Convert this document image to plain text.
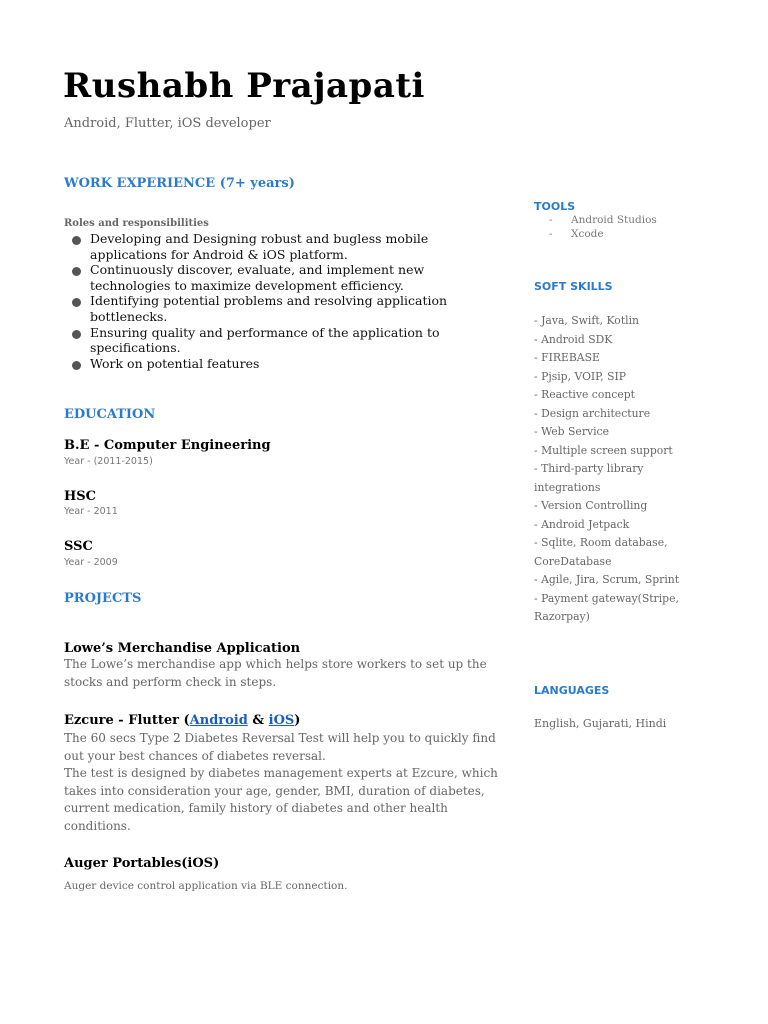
Rushabh Prajapati
Android, Flutter, iOS developer
WORK EXPERIENCE (7+ years)
Roles and responsibilities
Developing and Designing robust and bugless mobile applications for Android & iOS platform.
Continuously discover, evaluate, and implement new technologies to maximize development efficiency.
Identifying potential problems and resolving application bottlenecks.
Ensuring quality and performance of the application to specifications.
Work on potential features
EDUCATION
B.E - Computer Engineering
Year - (2011-2015)
HSC
Year - 2011
SSC
Year - 2009
PROJECTS
Lowe’s Merchandise Application
The Lowe’s merchandise app which helps store workers to set up the stocks and perform check in steps.
Ezcure - Flutter (Android & iOS)
The 60 secs Type 2 Diabetes Reversal Test will help you to quickly find out your best chances of diabetes reversal.
The test is designed by diabetes management experts at Ezcure, which takes into consideration your age, gender, BMI, duration of diabetes, current medication, family history of diabetes and other health conditions.
Auger Portables(iOS)
Auger device control application via BLE connection.
TOOLS
- Android Studios
- Xcode
SOFT SKILLS
- Java, Swift, Kotlin
- Android SDK
- FIREBASE
- Pjsip, VOIP, SIP
- Reactive concept
- Design architecture
- Web Service
- Multiple screen support
- Third-party library integrations
- Version Controlling
- Android Jetpack
- Sqlite, Room database, CoreDatabase
- Agile, Jira, Scrum, Sprint
- Payment gateway(Stripe, Razorpay)
LANGUAGES
English, Gujarati, Hindi
